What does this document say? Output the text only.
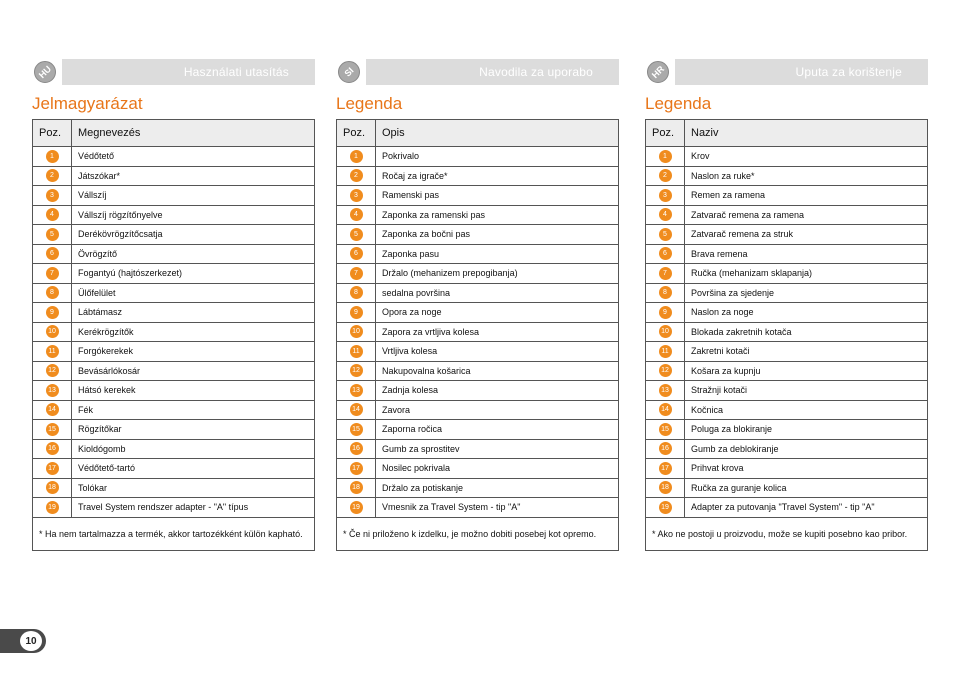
HU	Használati utasítás
Jelmagyarázat
Poz.	Megnevezés
1	Védőtető
2	Játszókar*
3	Vállszíj
4	Vállszíj rögzítőnyelve
5	Derékövrögzítőcsatja
6	Övrögzítő
7	Fogantyú (hajtószerkezet)
8	Ülőfelület
9	Lábtámasz
10	Kerékrögzítők
11	Forgókerekek
12	Bevásárlókosár
13	Hátsó kerekek
14	Fék
15	Rögzítőkar
16	Kioldógomb
17	Védőtető-tartó
18	Tolókar
19	Travel System rendszer adapter - "A" típus

* Ha nem tartalmazza a termék, akkor tartozékként külön kapható.	
SI	Navodila za uporabo
Legenda
Poz.	Opis
1	Pokrivalo
2	Ročaj za igrače*
3	Ramenski pas
4	Zaponka za ramenski pas
5	Zaponka za bočni pas
6	Zaponka pasu
7	Držalo (mehanizem prepogibanja)
8	sedalna površina
9	Opora za noge
10	Zapora za vrtljiva kolesa
11	Vrtljiva kolesa
12	Nakupovalna košarica
13	Zadnja kolesa
14	Zavora
15	Zaporna ročica
16	Gumb za sprostitev
17	Nosilec pokrivala
18	Držalo za potiskanje
19	Vmesnik za Travel System - tip "A"

* Če ni priloženo k izdelku, je možno dobiti posebej kot opremo.	
HR	Uputa za korištenje
Legenda
Poz.	Naziv
1	Krov
2	Naslon za ruke*
3	Remen za ramena
4	Zatvarač remena za ramena
5	Zatvarač remena za struk
6	Brava remena
7	Ručka (mehanizam sklapanja)
8	Površina za sjedenje
9	Naslon za noge
10	Blokada zakretnih kotača
11	Zakretni kotači
12	Košara za kupnju
13	Stražnji kotači
14	Kočnica
15	Poluga za blokiranje
16	Gumb za deblokiranje
17	Prihvat krova
18	Ručka za guranje kolica
19	Adapter za putovanja "Travel System" - tip "A"

* Ako ne postoji u proizvodu, može se kupiti posebno kao pribor.	
10
